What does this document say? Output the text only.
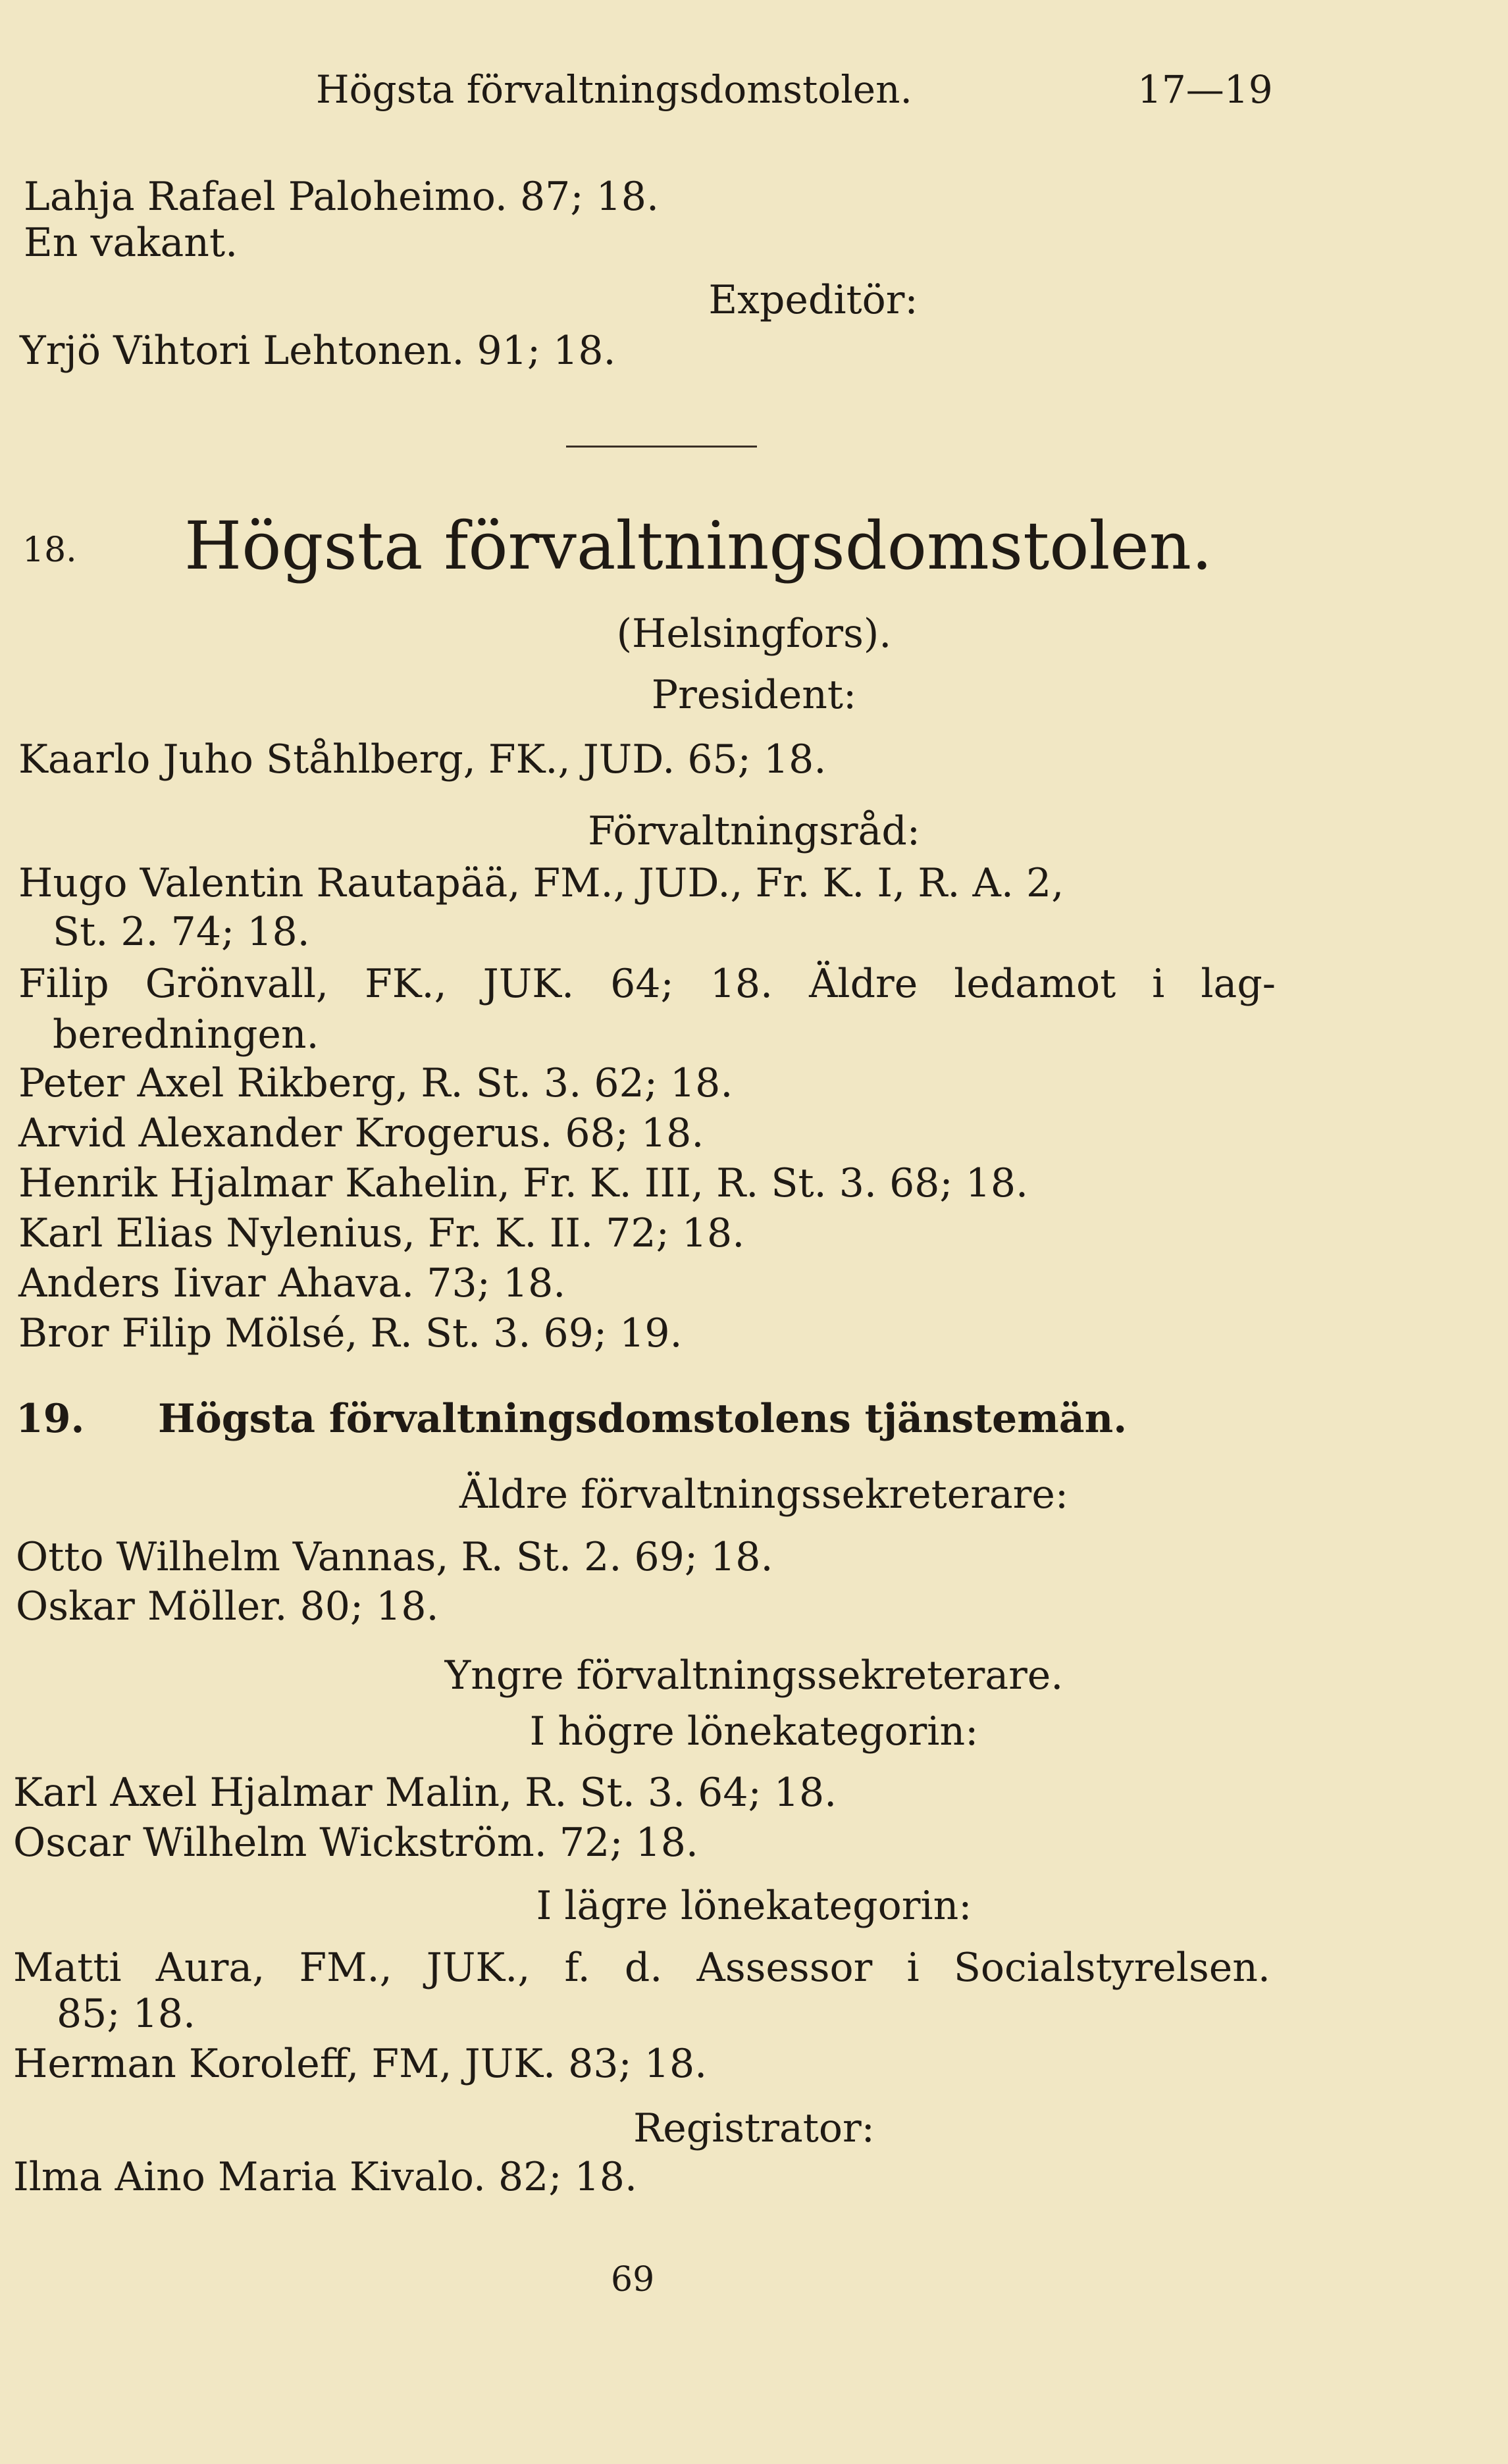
Högsta förvaltningsdomstolen.	17—19
Lahja Rafael Paloheimo. 87; 18.
En vakant.
Expeditör:
Yrjö Vihtori Lehtonen. 91; 18.
18. Högsta förvaltningsdomstolen.
(Helsingfors).
President:
Kaarlo Juho Ståhlberg, FK., JUD. 65; 18.
Förvaltningsråd:
Hugo Valentin Rautapää, FM., JUD., Fr. K. I, R. A. 2,
St. 2. 74; 18.
Filip Grönvall, FK., JUK. 64; 18. Äldre ledamot i lag-
beredningen.
Peter Axel Rikberg, R. St. 3. 62; 18.
Arvid Alexander Krogerus. 68; 18.
Henrik Hjalmar Kahelin, Fr. K. III, R. St. 3. 68; 18.
Karl Elias Nylenius, Fr. K. II. 72; 18.
Anders Iivar Ahava. 73; 18.
Bror Filip Mölsé, R. St. 3. 69; 19.
19. Högsta förvaltningsdomstolens tjänstemän.
Äldre förvaltningssekreterare:
Otto Wilhelm Vannas, R. St. 2. 69; 18.
Oskar Möller. 80; 18.
Yngre förvaltningssekreterare.
I högre lönekategorin:
Karl Axel Hjalmar Malin, R. St. 3. 64; 18.
Oscar Wilhelm Wickström. 72; 18.
I lägre lönekategorin:
Matti Aura, FM., JUK., f. d. Assessor i Socialstyrelsen.
85; 18.
Herman Koroleff, FM, JUK. 83; 18.
Registrator:
Ilma Aino Maria Kivalo. 82; 18.
69
